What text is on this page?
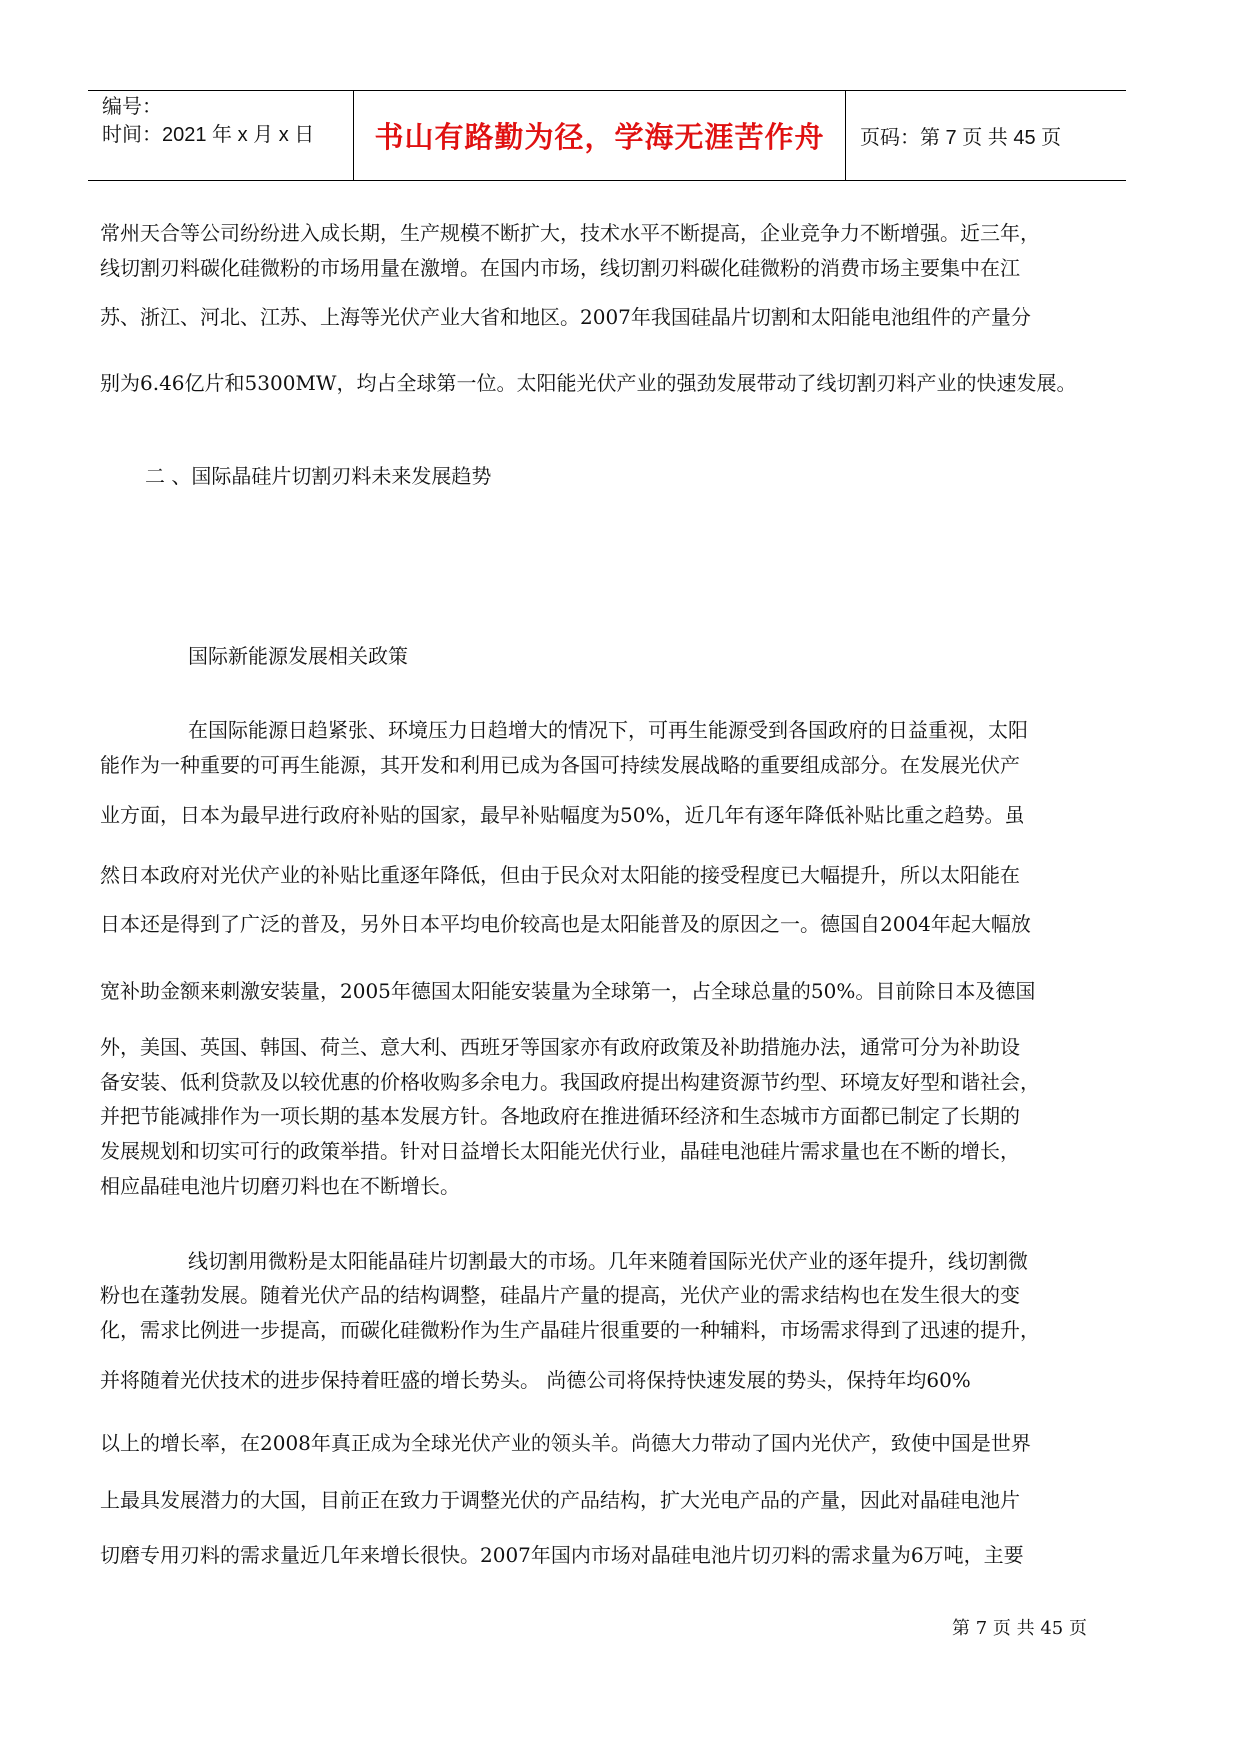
编号：
时间：2021 年 x 月 x 日	书山有路勤为径，学海无涯苦作舟	页码：第 7 页 共 45 页
常州天合等公司纷纷进入成长期，生产规模不断扩大，技术水平不断提高，企业竞争力不断增强。近三年，
线切割刃料碳化硅微粉的市场用量在激增。在国内市场，线切割刃料碳化硅微粉的消费市场主要集中在江
苏、浙江、河北、江苏、上海等光伏产业大省和地区。2007年我国硅晶片切割和太阳能电池组件的产量分
别为6.46亿片和5300MW，均占全球第一位。太阳能光伏产业的强劲发展带动了线切割刃料产业的快速发展。
二 、国际晶硅片切割刃料未来发展趋势
国际新能源发展相关政策
在国际能源日趋紧张、环境压力日趋增大的情况下，可再生能源受到各国政府的日益重视，太阳
能作为一种重要的可再生能源，其开发和利用已成为各国可持续发展战略的重要组成部分。在发展光伏产
业方面，日本为最早进行政府补贴的国家，最早补贴幅度为50%，近几年有逐年降低补贴比重之趋势。虽
然日本政府对光伏产业的补贴比重逐年降低，但由于民众对太阳能的接受程度已大幅提升，所以太阳能在
日本还是得到了广泛的普及，另外日本平均电价较高也是太阳能普及的原因之一。德国自2004年起大幅放
宽补助金额来刺激安装量，2005年德国太阳能安装量为全球第一，占全球总量的50%。目前除日本及德国
外，美国、英国、韩国、荷兰、意大利、西班牙等国家亦有政府政策及补助措施办法，通常可分为补助设
备安装、低利贷款及以较优惠的价格收购多余电力。我国政府提出构建资源节约型、环境友好型和谐社会，
并把节能减排作为一项长期的基本发展方针。各地政府在推进循环经济和生态城市方面都已制定了长期的
发展规划和切实可行的政策举措。针对日益增长太阳能光伏行业，晶硅电池硅片需求量也在不断的增长，
相应晶硅电池片切磨刃料也在不断增长。
线切割用微粉是太阳能晶硅片切割最大的市场。几年来随着国际光伏产业的逐年提升，线切割微
粉也在蓬勃发展。随着光伏产品的结构调整，硅晶片产量的提高，光伏产业的需求结构也在发生很大的变
化，需求比例进一步提高，而碳化硅微粉作为生产晶硅片很重要的一种辅料，市场需求得到了迅速的提升，
并将随着光伏技术的进步保持着旺盛的增长势头。 尚德公司将保持快速发展的势头，保持年均60%
以上的增长率，在2008年真正成为全球光伏产业的领头羊。尚德大力带动了国内光伏产，致使中国是世界
上最具发展潜力的大国，目前正在致力于调整光伏的产品结构，扩大光电产品的产量，因此对晶硅电池片
切磨专用刃料的需求量近几年来增长很快。2007年国内市场对晶硅电池片切刃料的需求量为6万吨，主要
第 7 页 共 45 页
